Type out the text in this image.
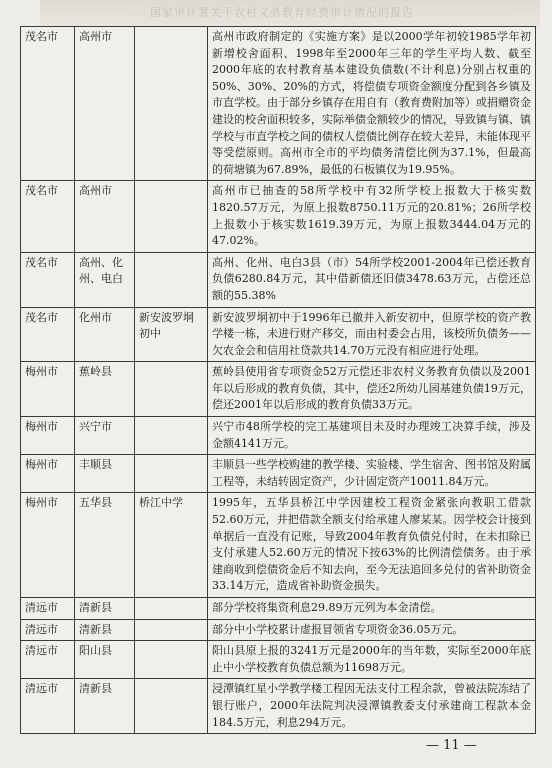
国家审计署关于农村义务教育经费审计情况的报告
茂名市	高州市		高州市政府制定的《实施方案》是以2000学年初较1985学年初新增校舍面积、1998年至2000年三年的学生平均人数、截至2000年底的农村教育基本建设负债数(不计利息)分别占权重的50%、30%、20%的方式，将偿债专项资金额度分配到各乡镇及市直学校。由于部分乡镇存在用自有（教育费附加等）或捐赠资金建设的校舍面积较多，实际举债金额较少的情况，导致镇与镇、镇学校与市直学校之间的债权人偿债比例存在较大差异，未能体现平等受偿原则。高州市全市的平均债务清偿比例为37.1%，但最高的荷塘镇为67.89%，最低的石板镇仅为19.95%。
茂名市	高州市		高州市已抽查的58所学校中有32所学校上报数大于核实数1820.57万元，为原上报数8750.11万元的20.81%；26所学校上报数小于核实数1619.39万元，为原上报数3444.04万元的47.02%。
茂名市	高州、化州、电白		高州、化州、电白3县（市）54所学校2001-2004年已偿还教育负债6280.84万元，其中借新债还旧债3478.63万元，占偿还总额的55.38%
茂名市	化州市	新安波罗垌初中	新安波罗垌初中于1996年已撤并入新安初中，但原学校的资产教学楼一栋，未进行财产移交，而由村委会占用，该校所负债务——欠农金会和信用社贷款共14.70万元没有相应进行处理。
梅州市	蕉岭县		蕉岭县使用省专项资金52万元偿还非农村义务教育负债以及2001年以后形成的教育负债，其中，偿还2所幼儿园基建负债19万元，偿还2001年以后形成的教育负债33万元。
梅州市	兴宁市		兴宁市48所学校的完工基建项目未及时办理竣工决算手续，涉及金额4141万元。
梅州市	丰顺县		丰顺县一些学校购建的教学楼、实验楼、学生宿舍、图书馆及附属工程等，未结转固定资产，少计固定资产10011.84万元。
梅州市	五华县	桥江中学	1995年，五华县桥江中学因建校工程资金紧张向教职工借款52.60万元，并把借款全额支付给承建人廖某某。因学校会计接到单据后一直没有记账，导致2004年教育负债兑付时，在未扣除已支付承建人52.60万元的情况下按63%的比例清偿债务。由于承建商收到偿债资金后不知去向，至今无法追回多兑付的省补助资金33.14万元，造成省补助资金损失。
清远市	清新县		部分学校将集资利息29.89万元列为本金清偿。
清远市	清新县		部分中小学校累计虚报冒领省专项资金36.05万元。
清远市	阳山县		阳山县原上报的3241万元是2000年的当年数，实际至2000年底止中小学校教育负债总额为11698万元。
清远市	清新县		浸潭镇红星小学教学楼工程因无法支付工程余款，曾被法院冻结了银行账户，2000年法院判决浸潭镇教委支付承建商工程款本金184.5万元，利息294万元。
— 11 —
